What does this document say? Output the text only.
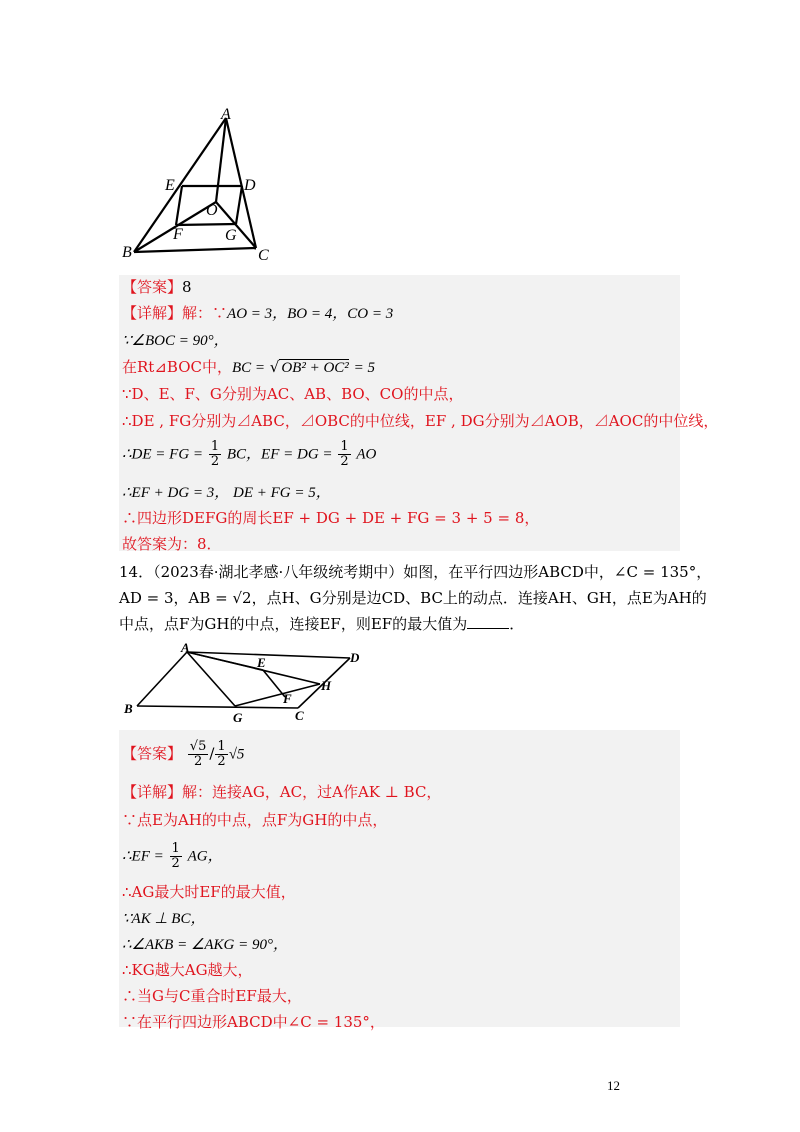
A
B	C
D
E
F	G
O
【答案】8
【详解】解：∵AO = 3，BO = 4，CO = 3
∵∠BOC = 90°，
在Rt⊿BOC中，BC = √ OB² + OC² = 5
∵D、E、F、G分别为AC、AB、BO、CO的中点，
∴DE , FG分别为⊿ABC，⊿OBC的中位线，EF , DG分别为⊿AOB，⊿AOC的中位线，
∴DE = FG = $\frac{1}{2}$ BC，EF = DG = $\frac{1}{2}$ AO
∴EF + DG = 3， DE + FG = 5，
∴四边形DEFG的周长EF + DG + DE + FG = 3 + 5 = 8，
故答案为：8．
14．（2023春·湖北孝感·八年级统考期中）如图，在平行四边形ABCD中，∠C = 135°，
AD = 3，AB = √2，点H、G分别是边CD、BC上的动点．连接AH、GH，点E为AH的
中点，点F为GH的中点，连接EF，则EF的最大值为	．
A
B	C
D
E
F
G
H
【答案】 $\frac{√5}{2} / \frac{1}{2} √5$
【详解】解：连接AG，AC，过A作AK ⊥ BC，
∵点E为AH的中点，点F为GH的中点，
∴EF = $\frac{1}{2}$ AG，
∴AG最大时EF的最大值，
∵AK ⊥ BC，
∴∠AKB = ∠AKG = 90°，
∴KG越大AG越大，
∴当G与C重合时EF最大，
∵在平行四边形ABCD中∠C = 135°，
12
